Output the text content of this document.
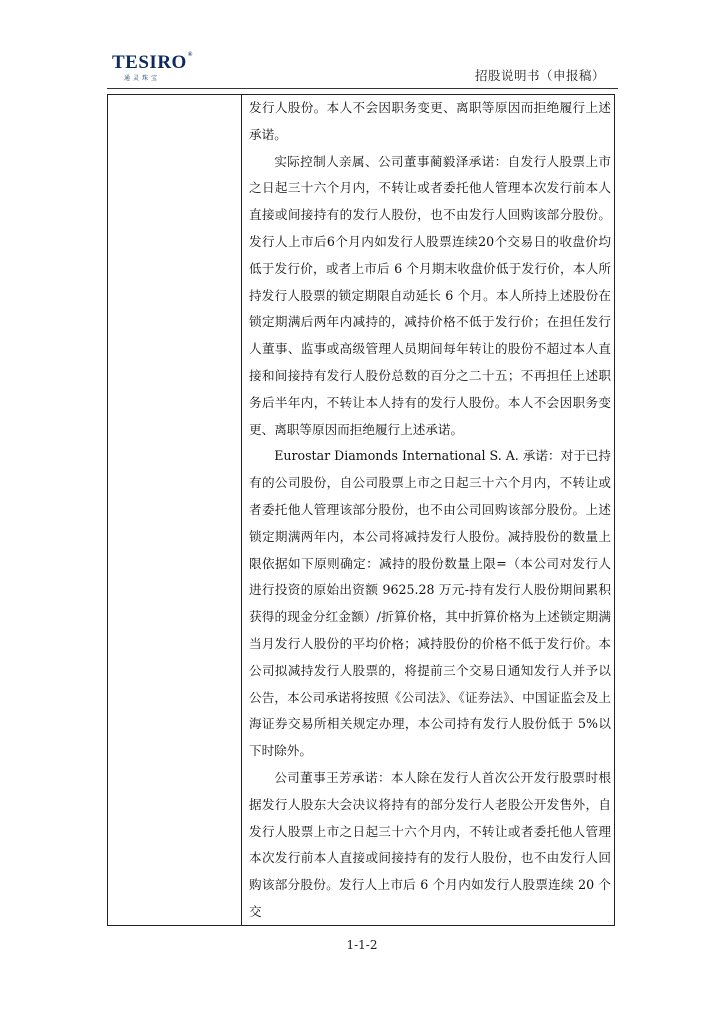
TESIRO®
通灵珠宝	招股说明书（申报稿）

发行人股份。本人不会因职务变更、离职等原因而拒绝履行上述承诺。

实际控制人亲属、公司董事蔺毅泽承诺：自发行人股票上市之日起三十六个月内，不转让或者委托他人管理本次发行前本人直接或间接持有的发行人股份，也不由发行人回购该部分股份。发行人上市后6个月内如发行人股票连续20个交易日的收盘价均低于发行价，或者上市后 6 个月期末收盘价低于发行价，本人所持发行人股票的锁定期限自动延长 6 个月。本人所持上述股份在锁定期满后两年内减持的，减持价格不低于发行价；在担任发行人董事、监事或高级管理人员期间每年转让的股份不超过本人直接和间接持有发行人股份总数的百分之二十五；不再担任上述职务后半年内，不转让本人持有的发行人股份。本人不会因职务变更、离职等原因而拒绝履行上述承诺。

Eurostar Diamonds International S. A. 承诺：对于已持有的公司股份，自公司股票上市之日起三十六个月内，不转让或者委托他人管理该部分股份，也不由公司回购该部分股份。上述锁定期满两年内，本公司将减持发行人股份。减持股份的数量上限依据如下原则确定：减持的股份数量上限=（本公司对发行人进行投资的原始出资额 9625.28 万元-持有发行人股份期间累积获得的现金分红金额）/折算价格，其中折算价格为上述锁定期满当月发行人股份的平均价格；减持股份的价格不低于发行价。本公司拟减持发行人股票的，将提前三个交易日通知发行人并予以公告，本公司承诺将按照《公司法》、《证券法》、中国证监会及上海证券交易所相关规定办理，本公司持有发行人股份低于 5%以下时除外。

公司董事王芳承诺：本人除在发行人首次公开发行股票时根据发行人股东大会决议将持有的部分发行人老股公开发售外，自发行人股票上市之日起三十六个月内，不转让或者委托他人管理本次发行前本人直接或间接持有的发行人股份，也不由发行人回购该部分股份。发行人上市后 6 个月内如发行人股票连续 20 个交

1-1-2
